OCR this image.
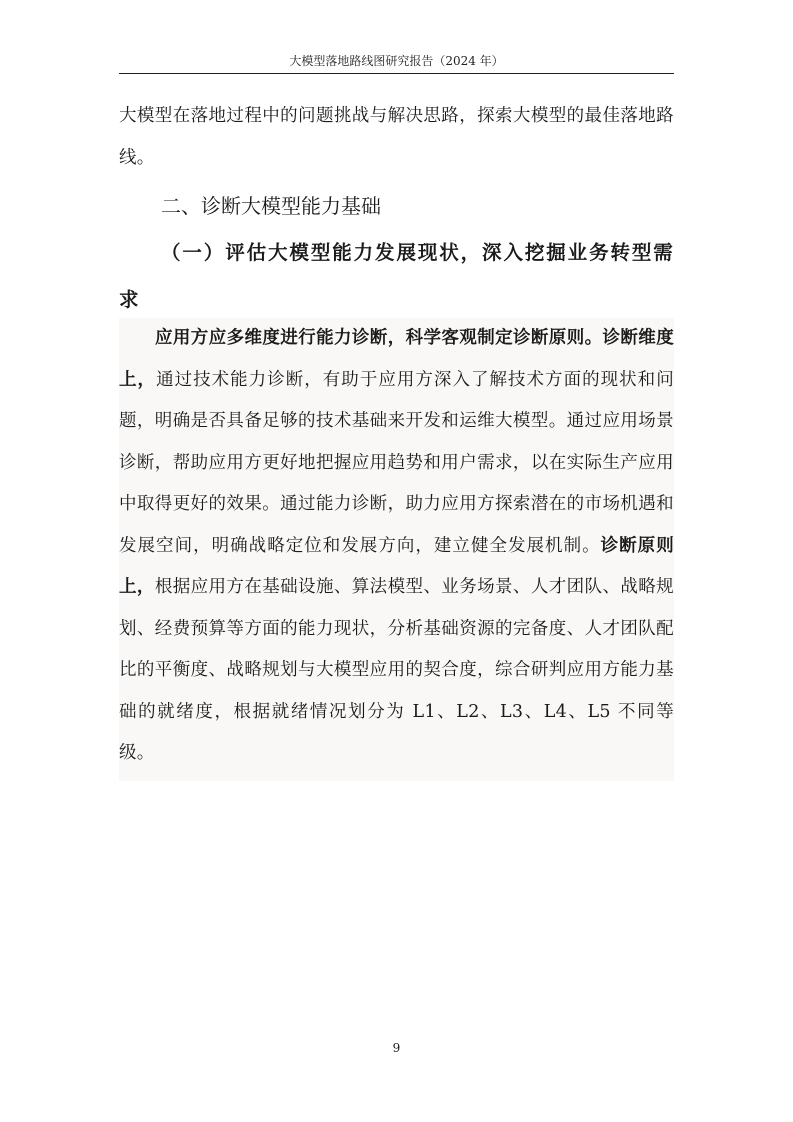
大模型落地路线图研究报告（2024 年）

大模型在落地过程中的问题挑战与解决思路，探索大模型的最佳落地路线。

二、诊断大模型能力基础
（一）评估大模型能力发展现状，深入挖掘业务转型需求

应用方应多维度进行能力诊断，科学客观制定诊断原则。诊断维度上，通过技术能力诊断，有助于应用方深入了解技术方面的现状和问题，明确是否具备足够的技术基础来开发和运维大模型。通过应用场景诊断，帮助应用方更好地把握应用趋势和用户需求，以在实际生产应用中取得更好的效果。通过能力诊断，助力应用方探索潜在的市场机遇和发展空间，明确战略定位和发展方向，建立健全发展机制。诊断原则上，根据应用方在基础设施、算法模型、业务场景、人才团队、战略规划、经费预算等方面的能力现状，分析基础资源的完备度、人才团队配比的平衡度、战略规划与大模型应用的契合度，综合研判应用方能力基础的就绪度，根据就绪情况划分为 L1、L2、L3、L4、L5 不同等级。

9
